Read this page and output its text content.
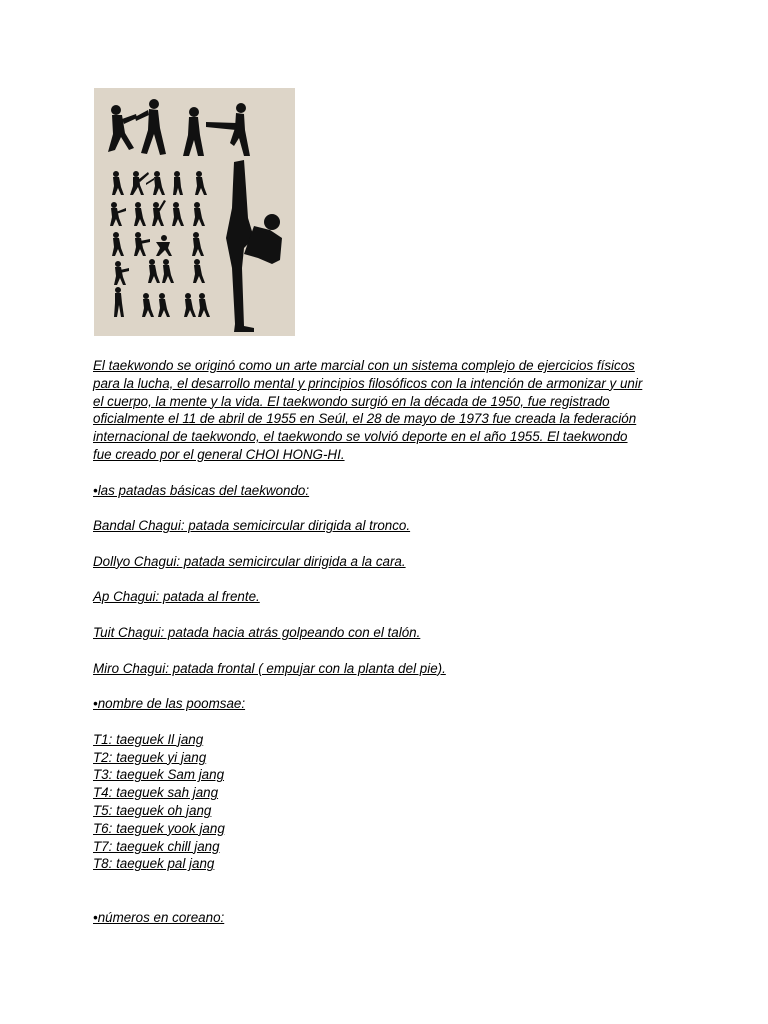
El taekwondo se originó como un arte marcial con un sistema complejo de ejercicios físicos

para la lucha, el desarrollo mental y principios filosóficos con la intención de armonizar y unir

el cuerpo, la mente y la vida. El taekwondo surgió en la década de 1950, fue registrado

oficialmente el 11 de abril de 1955 en Seúl, el 28 de mayo de 1973 fue creada la federación

internacional de taekwondo, el taekwondo se volvió deporte en el año 1955. El taekwondo

fue creado por el general CHOI HONG-HI.

•las patadas básicas del taekwondo:

Bandal Chagui: patada semicircular dirigida al tronco.

Dollyo Chagui: patada semicircular dirigida a la cara.

Ap Chagui: patada al frente.

Tuit Chagui: patada hacia atrás golpeando con el talón.

Miro Chagui: patada frontal ( empujar con la planta del pie).

•nombre de las poomsae:

T1: taeguek Il jang

T2: taeguek yi jang

T3: taeguek Sam jang

T4: taeguek sah jang

T5: taeguek oh jang

T6: taeguek yook jang

T7: taeguek chill jang

T8: taeguek pal jang

•números en coreano:
